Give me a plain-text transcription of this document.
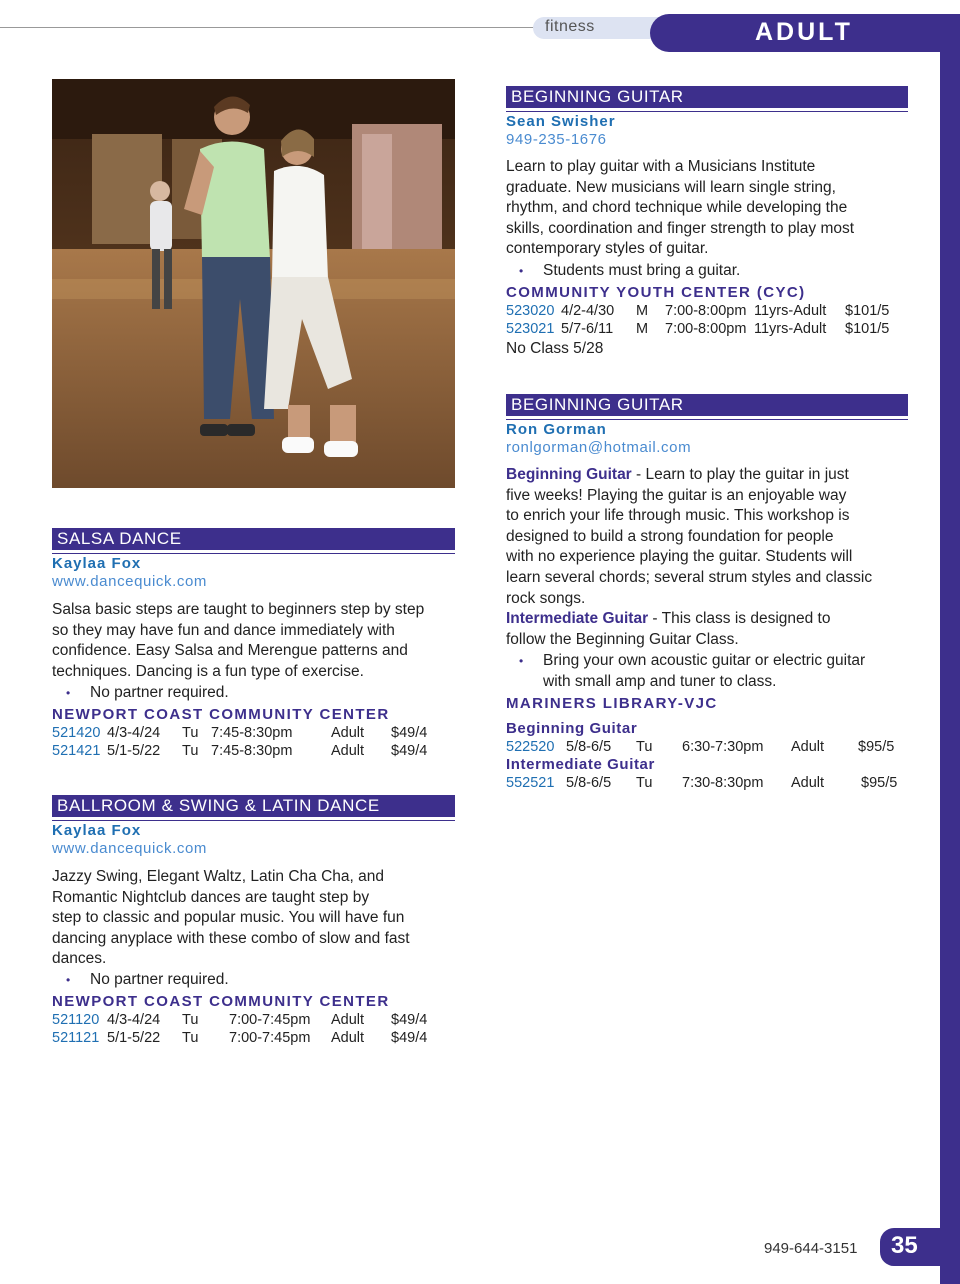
fitness	ADULT
SALSA DANCE
Kaylaa Fox
www.dancequick.com
Salsa basic steps are taught to beginners step by step
so they may have fun and dance immediately with
confidence. Easy Salsa and Merengue patterns and
techniques. Dancing is a fun type of exercise.
• No partner required.
NEWPORT COAST COMMUNITY CENTER
521420 4/3-4/24 Tu 7:45-8:30pm	Adult $49/4
521421 5/1-5/22 Tu 7:45-8:30pm	Adult $49/4
BALLROOM & SWING & LATIN DANCE
Kaylaa Fox
www.dancequick.com
Jazzy Swing, Elegant Waltz, Latin Cha Cha, and
Romantic Nightclub dances are taught step by
step to classic and popular music. You will have fun
dancing anyplace with these combo of slow and fast
dances.
• No partner required.
NEWPORT COAST COMMUNITY CENTER
521120 4/3-4/24 Tu 7:00-7:45pm Adult $49/4
521121 5/1-5/22 Tu 7:00-7:45pm Adult $49/4
BEGINNING GUITAR
Sean Swisher
949-235-1676
Learn to play guitar with a Musicians Institute
graduate. New musicians will learn single string,
rhythm, and chord technique while developing the
skills, coordination and finger strength to play most
contemporary styles of guitar.
• Students must bring a guitar.
COMMUNITY YOUTH CENTER (CYC)
523020 4/2-4/30 M 7:00-8:00pm 11yrs-Adult $101/5
523021 5/7-6/11 M 7:00-8:00pm 11yrs-Adult $101/5
No Class 5/28
BEGINNING GUITAR
Ron Gorman
ronlgorman@hotmail.com
Beginning Guitar - Learn to play the guitar in just
five weeks! Playing the guitar is an enjoyable way
to enrich your life through music. This workshop is
designed to build a strong foundation for people
with no experience playing the guitar. Students will
learn several chords; several strum styles and classic
rock songs.
Intermediate Guitar - This class is designed to
follow the Beginning Guitar Class.
•	Bring your own acoustic guitar or electric guitar
with small amp and tuner to class.
MARINERS LIBRARY-VJC
Beginning Guitar
522520 5/8-6/5 Tu 6:30-7:30pm Adult $95/5
Intermediate Guitar
552521 5/8-6/5 Tu 7:30-8:30pm Adult	$95/5
949-644-3151 35
